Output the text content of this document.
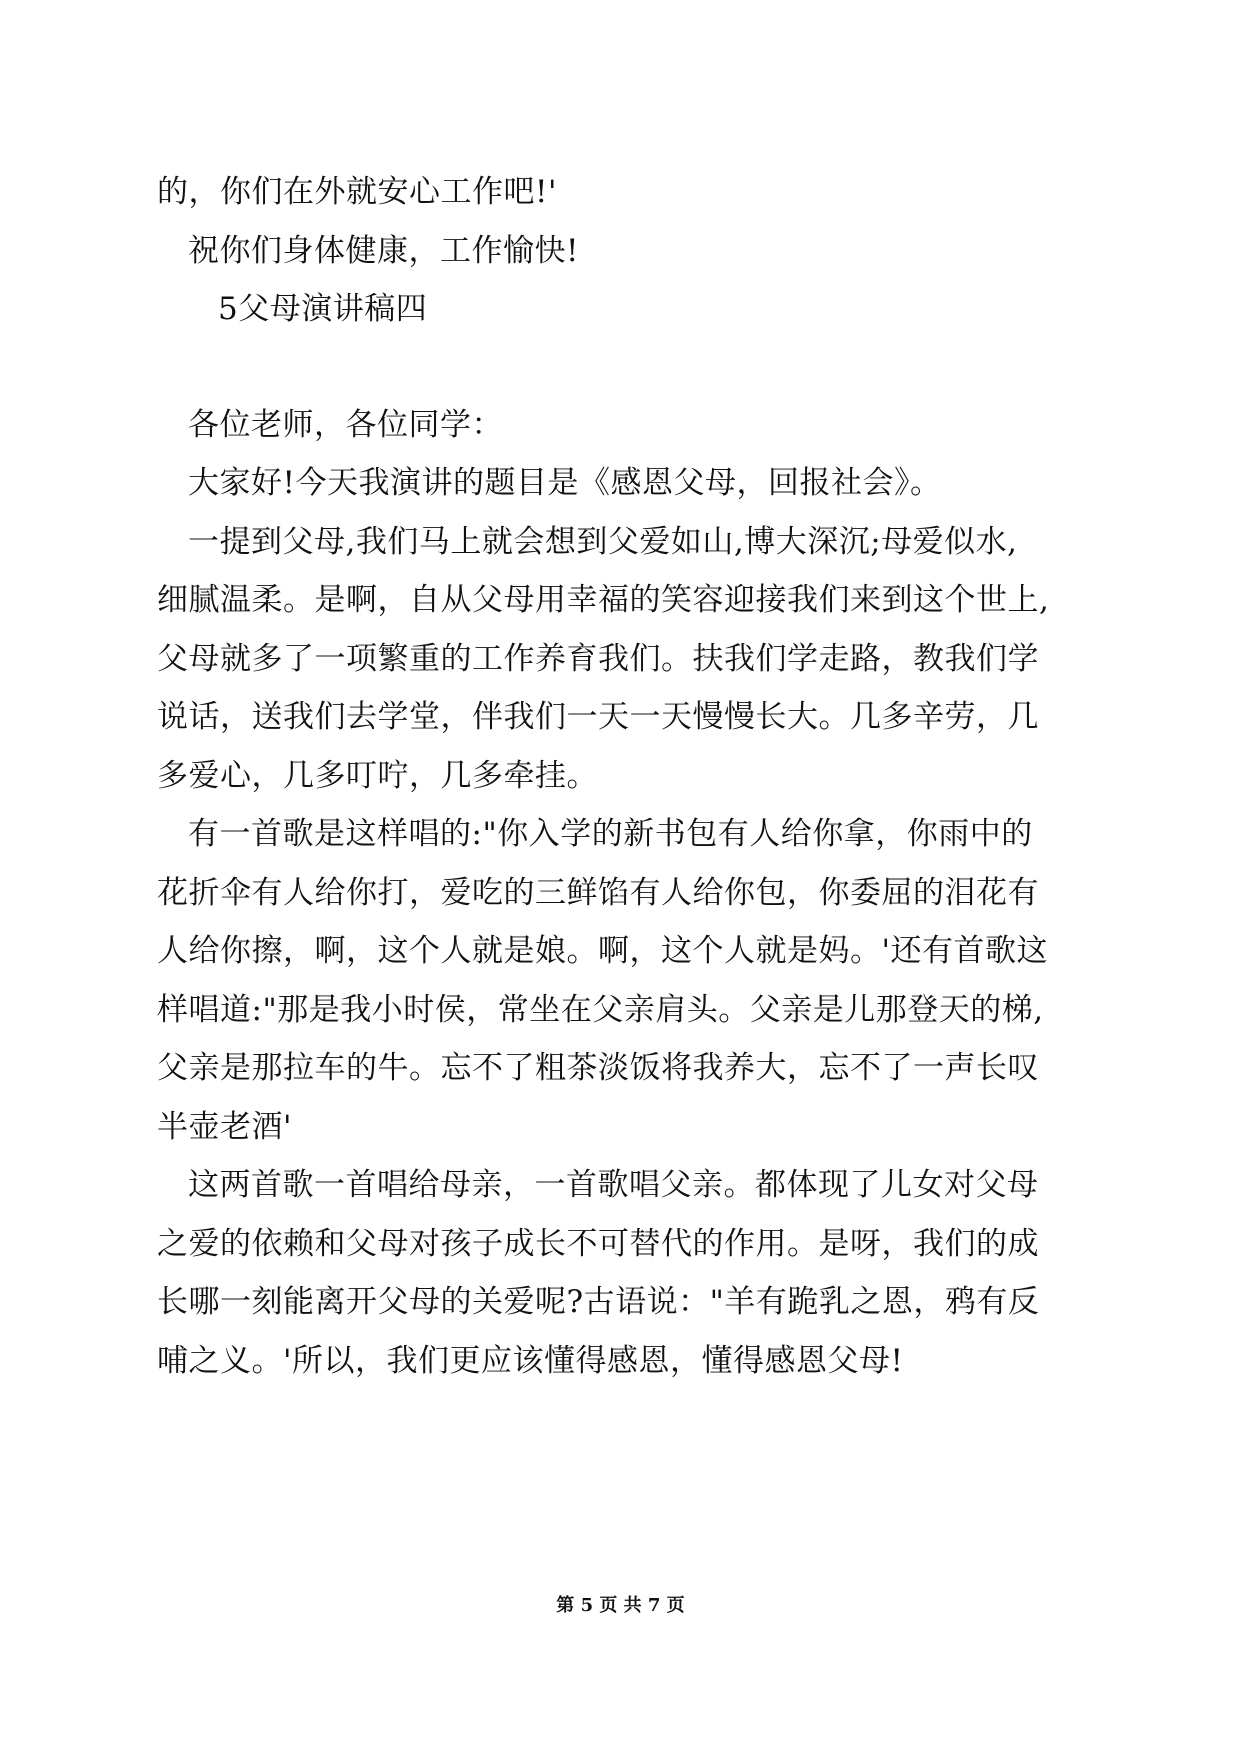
的，你们在外就安心工作吧!'
祝你们身体健康，工作愉快!
5父母演讲稿四
各位老师，各位同学：
大家好!今天我演讲的题目是《感恩父母，回报社会》。
一提到父母,我们马上就会想到父爱如山,博大深沉;母爱似水,
细腻温柔。是啊，自从父母用幸福的笑容迎接我们来到这个世上,
父母就多了一项繁重的工作养育我们。扶我们学走路，教我们学
说话，送我们去学堂，伴我们一天一天慢慢长大。几多辛劳，几
多爱心，几多叮咛，几多牵挂。
有一首歌是这样唱的:"你入学的新书包有人给你拿，你雨中的
花折伞有人给你打，爱吃的三鲜馅有人给你包，你委屈的泪花有
人给你擦，啊，这个人就是娘。啊，这个人就是妈。'还有首歌这
样唱道:"那是我小时侯，常坐在父亲肩头。父亲是儿那登天的梯,
父亲是那拉车的牛。忘不了粗茶淡饭将我养大，忘不了一声长叹
半壶老酒'
这两首歌一首唱给母亲，一首歌唱父亲。都体现了儿女对父母
之爱的依赖和父母对孩子成长不可替代的作用。是呀，我们的成
长哪一刻能离开父母的关爱呢?古语说："羊有跪乳之恩，鸦有反
哺之义。'所以，我们更应该懂得感恩，懂得感恩父母!
第 5 页 共 7 页
